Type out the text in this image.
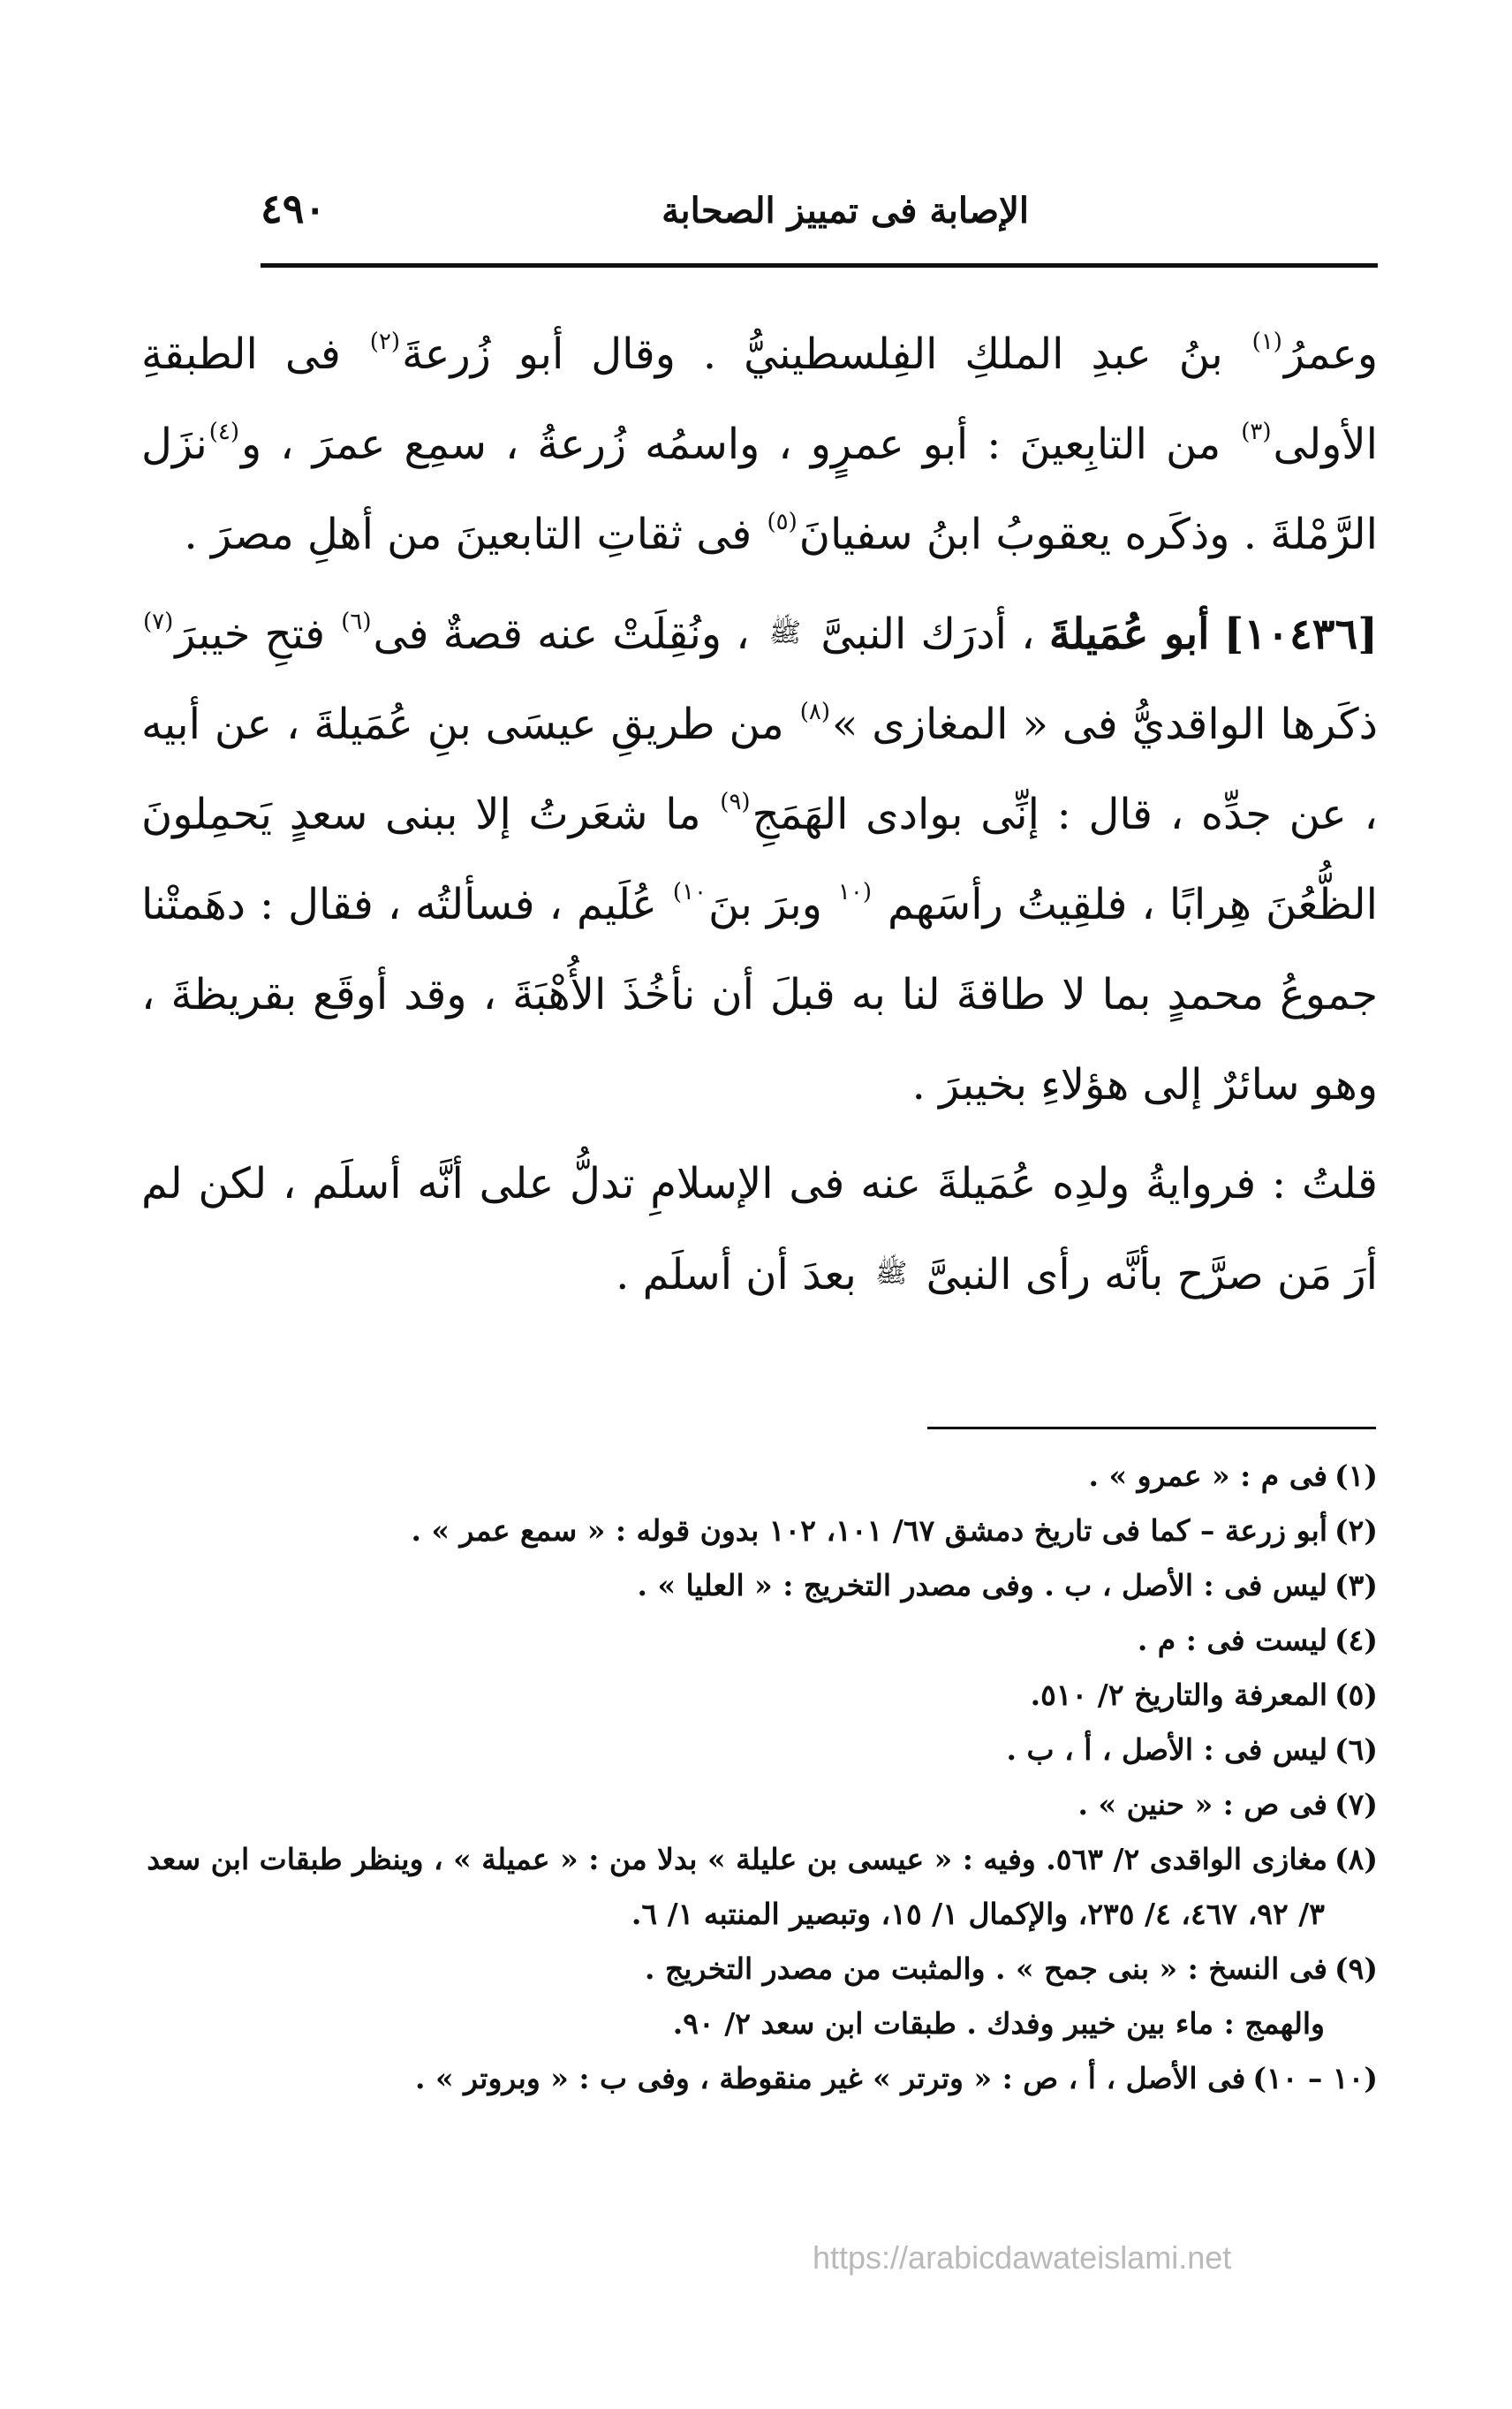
الإصابة فى تمييز الصحابة
٤٩٠

وعمرُ$^{(١)}$ بنُ عبدِ الملكِ الفِلسطينيُّ . وقال أبو زُرعةَ$^{(٢)}$ فى الطبقةِ الأولى$^{(٣)}$ من التابِعينَ : أبو عمرٍو ، واسمُه زُرعةُ ، سمِع عمرَ ، و$^{(٤)}$نزَل الرَّمْلةَ . وذكَره يعقوبُ ابنُ سفيانَ$^{(٥)}$ فى ثقاتِ التابعينَ من أهلِ مصرَ .

[١٠٤٣٦] أبو عُمَيلةَ ، أدرَك النبىَّ ﷺ ، ونُقِلَتْ عنه قصةٌ فى$^{(٦)}$ فتحِ خيبرَ$^{(٧)}$ ذكَرها الواقديُّ فى « المغازى »$^{(٨)}$ من طريقِ عيسَى بنِ عُمَيلةَ ، عن أبيه ، عن جدِّه ، قال : إنِّى بوادى الهَمَجِ$^{(٩)}$ ما شعَرتُ إلا ببنى سعدٍ يَحمِلونَ الظُّعُنَ هِرابًا ، فلقِيتُ رأسَهم $^{(١٠}$ وبرَ بنَ$^{١٠)}$ عُلَيم ، فسألتُه ، فقال : دهَمتْنا جموعُ محمدٍ بما لا طاقةَ لنا به قبلَ أن نأخُذَ الأُهْبَةَ ، وقد أوقَع بقريظةَ ، وهو سائرٌ إلى هؤلاءِ بخيبرَ .

قلتُ : فروايةُ ولدِه عُمَيلةَ عنه فى الإسلامِ تدلُّ على أنَّه أسلَم ، لكن لم أرَ مَن صرَّح بأنَّه رأى النبىَّ ﷺ بعدَ أن أسلَم .

(١)فى م : « عمرو » .

(٢)أبو زرعة – كما فى تاريخ دمشق ٦٧/ ١٠١، ١٠٢ بدون قوله : « سمع عمر » .

(٣)ليس فى : الأصل ، ب . وفى مصدر التخريج : « العليا » .

(٤)ليست فى : م .

(٥)المعرفة والتاريخ ٢/ ٥١٠.

(٦)ليس فى : الأصل ، أ ، ب .

(٧)فى ص : « حنين » .

(٨)مغازى الواقدى ٢/ ٥٦٣. وفيه : « عيسى بن عليلة » بدلا من : « عميلة » ، وينظر طبقات ابن سعد

٣/ ٩٢، ٤٦٧، ٤/ ٢٣٥، والإكمال ١/ ١٥، وتبصير المنتبه ١/ ٦.

(٩)فى النسخ : « بنى جمح » . والمثبت من مصدر التخريج .

والهمج : ماء بين خيبر وفدك . طبقات ابن سعد ٢/ ٩٠.

(١٠ – ١٠)فى الأصل ، أ ، ص : « وترتر » غير منقوطة ، وفى ب : « وبروتر » .

https://arabicdawateislami.net
